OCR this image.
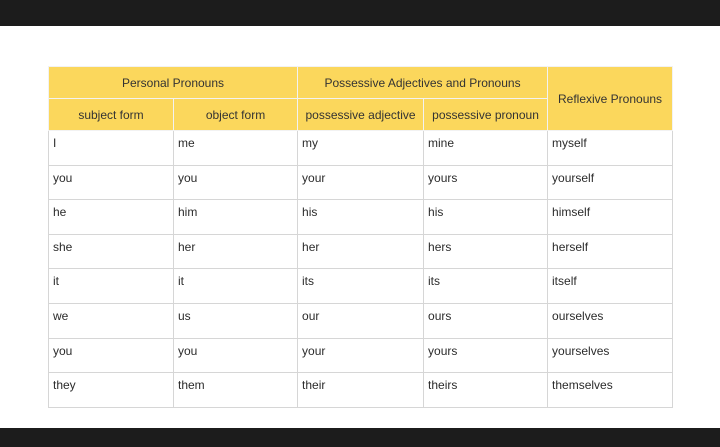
Personal Pronouns		Possessive Adjectives and Pronouns		Reflexive Pronouns
subject form	object form	possessive adjective	possessive pronoun	
I	me	my	mine	myself
you	you	your	yours	yourself
he	him	his	his	himself
she	her	her	hers	herself
it	it	its	its	itself
we	us	our	ours	ourselves
you	you	your	yours	yourselves
they	them	their	theirs	themselves
